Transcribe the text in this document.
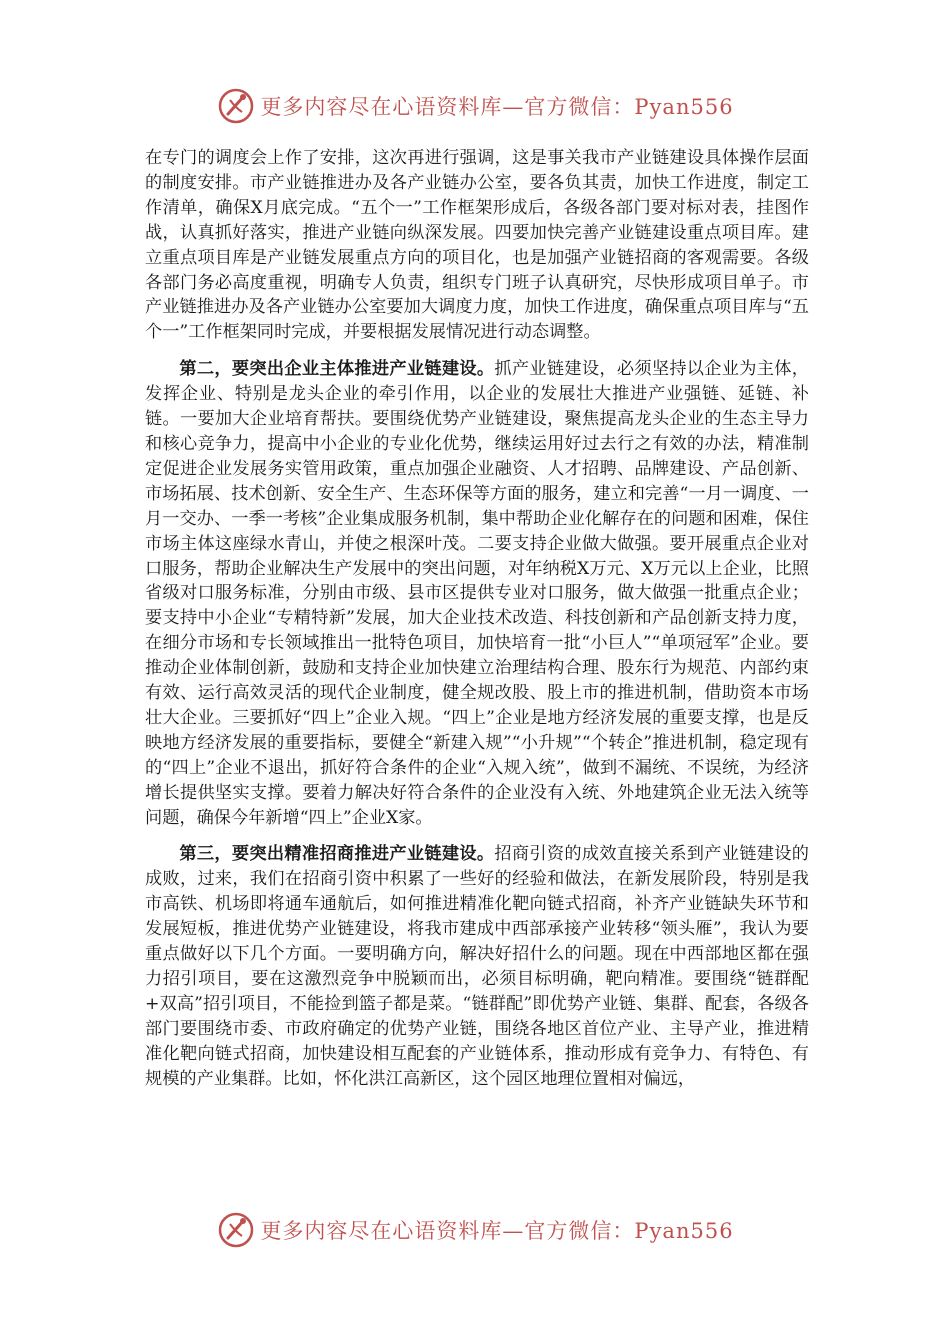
更多内容尽在心语资料库—官方微信：Pyan556

在专门的调度会上作了安排，这次再进行强调，这是事关我市产业链建设具体操作层面的制度安排。市产业链推进办及各产业链办公室，要各负其责，加快工作进度，制定工作清单，确保X月底完成。“五个一”工作框架形成后，各级各部门要对标对表，挂图作战，认真抓好落实，推进产业链向纵深发展。四要加快完善产业链建设重点项目库。建立重点项目库是产业链发展重点方向的项目化，也是加强产业链招商的客观需要。各级各部门务必高度重视，明确专人负责，组织专门班子认真研究，尽快形成项目单子。市产业链推进办及各产业链办公室要加大调度力度，加快工作进度，确保重点项目库与“五个一”工作框架同时完成，并要根据发展情况进行动态调整。

第二，要突出企业主体推进产业链建设。抓产业链建设，必须坚持以企业为主体，发挥企业、特别是龙头企业的牵引作用，以企业的发展壮大推进产业强链、延链、补链。一要加大企业培育帮扶。要围绕优势产业链建设，聚焦提高龙头企业的生态主导力和核心竞争力，提高中小企业的专业化优势，继续运用好过去行之有效的办法，精准制定促进企业发展务实管用政策，重点加强企业融资、人才招聘、品牌建设、产品创新、市场拓展、技术创新、安全生产、生态环保等方面的服务，建立和完善“一月一调度、一月一交办、一季一考核”企业集成服务机制，集中帮助企业化解存在的问题和困难，保住市场主体这座绿水青山，并使之根深叶茂。二要支持企业做大做强。要开展重点企业对口服务，帮助企业解决生产发展中的突出问题，对年纳税X万元、X万元以上企业，比照省级对口服务标准，分别由市级、县市区提供专业对口服务，做大做强一批重点企业；要支持中小企业“专精特新”发展，加大企业技术改造、科技创新和产品创新支持力度，在细分市场和专长领域推出一批特色项目，加快培育一批“小巨人”“单项冠军”企业。要推动企业体制创新，鼓励和支持企业加快建立治理结构合理、股东行为规范、内部约束有效、运行高效灵活的现代企业制度，健全规改股、股上市的推进机制，借助资本市场壮大企业。三要抓好“四上”企业入规。“四上”企业是地方经济发展的重要支撑，也是反映地方经济发展的重要指标，要健全“新建入规”“小升规”“个转企”推进机制，稳定现有的“四上”企业不退出，抓好符合条件的企业“入规入统”，做到不漏统、不误统，为经济增长提供坚实支撑。要着力解决好符合条件的企业没有入统、外地建筑企业无法入统等问题，确保今年新增“四上”企业X家。

第三，要突出精准招商推进产业链建设。招商引资的成效直接关系到产业链建设的成败，过来，我们在招商引资中积累了一些好的经验和做法，在新发展阶段，特别是我市高铁、机场即将通车通航后，如何推进精准化靶向链式招商，补齐产业链缺失环节和发展短板，推进优势产业链建设，将我市建成中西部承接产业转移“领头雁”，我认为要重点做好以下几个方面。一要明确方向，解决好招什么的问题。现在中西部地区都在强力招引项目，要在这激烈竞争中脱颖而出，必须目标明确，靶向精准。要围绕“链群配+双高”招引项目，不能捡到篮子都是菜。“链群配”即优势产业链、集群、配套，各级各部门要围绕市委、市政府确定的优势产业链，围绕各地区首位产业、主导产业，推进精准化靶向链式招商，加快建设相互配套的产业链体系，推动形成有竞争力、有特色、有规模的产业集群。比如，怀化洪江高新区，这个园区地理位置相对偏远，

更多内容尽在心语资料库—官方微信：Pyan556
